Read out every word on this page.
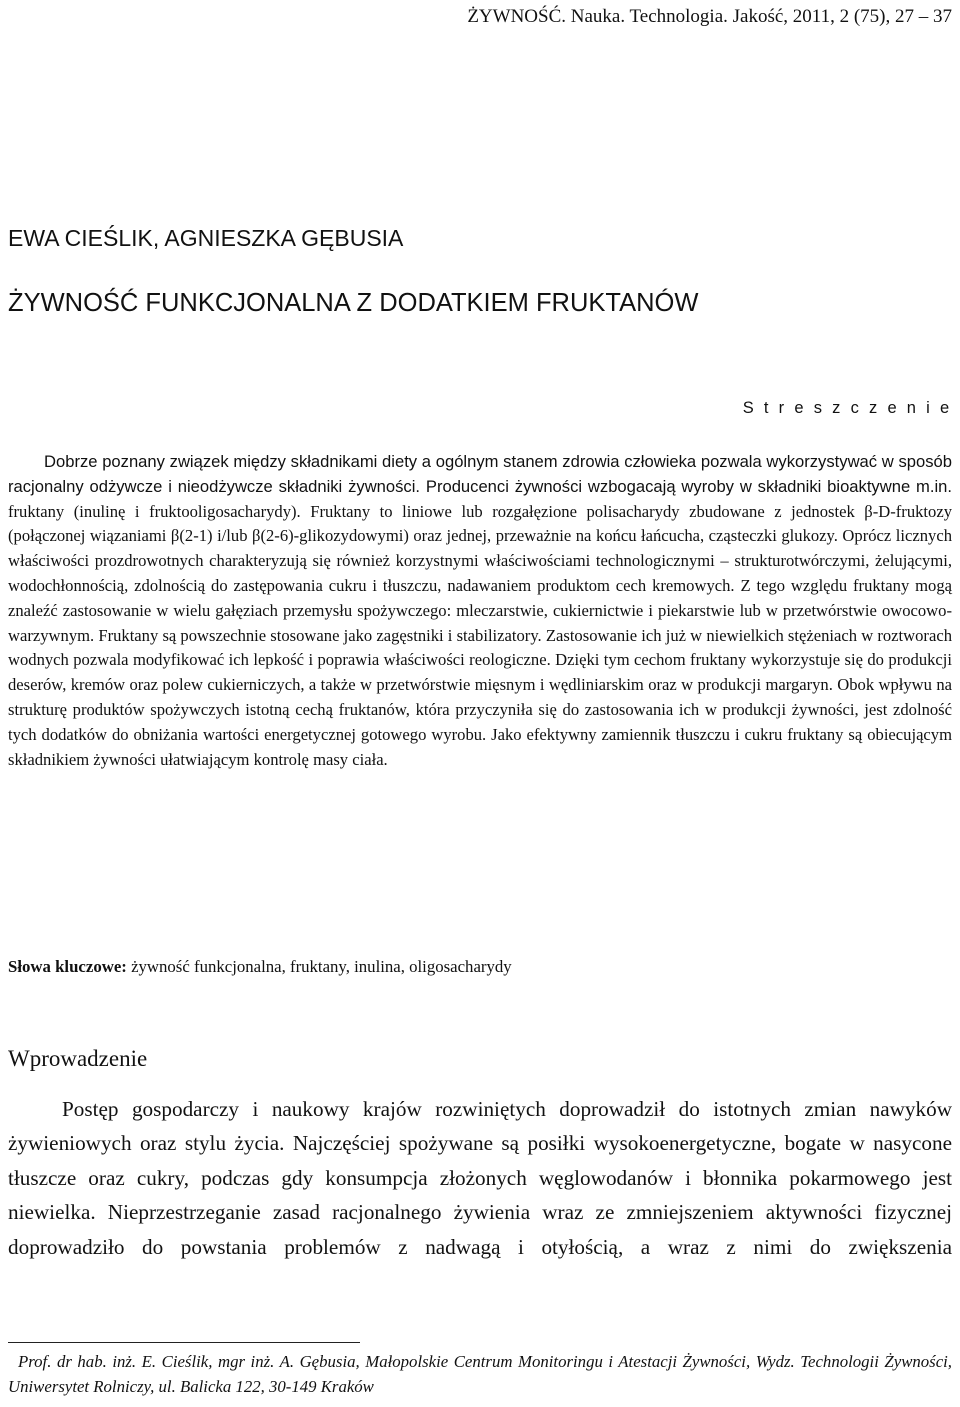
ŻYWNOŚĆ. Nauka. Technologia. Jakość, 2011, 2 (75), 27 – 37
EWA CIEŚLIK, AGNIESZKA GĘBUSIA
ŻYWNOŚĆ FUNKCJONALNA Z DODATKIEM FRUKTANÓW
S t r e s z c z e n i e

Dobrze poznany związek między składnikami diety a ogólnym stanem zdrowia człowieka pozwala wykorzystywać w sposób racjonalny odżywcze i nieodżywcze składniki żywności. Producenci żywności wzbogacają wyroby w składniki bioaktywne m.in. fruktany (inulinę i fruktooligosacharydy). Fruktany to liniowe lub rozgałęzione polisacharydy zbudowane z jednostek β-D-fruktozy (połączonej wiązaniami β(2-1) i/lub β(2-6)-glikozydowymi) oraz jednej, przeważnie na końcu łańcucha, cząsteczki glukozy. Oprócz licznych właściwości prozdrowotnych charakteryzują się również korzystnymi właściwościami technologicznymi – strukturotwórczymi, żelującymi, wodochłonnością, zdolnością do zastępowania cukru i tłuszczu, nadawaniem produktom cech kremowych. Z tego względu fruktany mogą znaleźć zastosowanie w wielu gałęziach przemysłu spożywczego: mleczarstwie, cukiernictwie i piekarstwie lub w przetwórstwie owocowo-warzywnym. Fruktany są powszechnie stosowane jako zagęstniki i stabilizatory. Zastosowanie ich już w niewielkich stężeniach w roztworach wodnych pozwala modyfikować ich lepkość i poprawia właściwości reologiczne. Dzięki tym cechom fruktany wykorzystuje się do produkcji deserów, kremów oraz polew cukierniczych, a także w przetwórstwie mięsnym i wędliniarskim oraz w produkcji margaryn. Obok wpływu na strukturę produktów spożywczych istotną cechą fruktanów, która przyczyniła się do zastosowania ich w produkcji żywności, jest zdolność tych dodatków do obniżania wartości energetycznej gotowego wyrobu. Jako efektywny zamiennik tłuszczu i cukru fruktany są obiecującym składnikiem żywności ułatwiającym kontrolę masy ciała.

Słowa kluczowe: żywność funkcjonalna, fruktany, inulina, oligosacharydy

Wprowadzenie

Postęp gospodarczy i naukowy krajów rozwiniętych doprowadził do istotnych zmian nawyków żywieniowych oraz stylu życia. Najczęściej spożywane są posiłki wysokoenergetyczne, bogate w nasycone tłuszcze oraz cukry, podczas gdy konsumpcja złożonych węglowodanów i błonnika pokarmowego jest niewielka. Nieprzestrzeganie zasad racjonalnego żywienia wraz ze zmniejszeniem aktywności fizycznej doprowadziło do powstania problemów z nadwagą i otyłością, a wraz z nimi do zwiększenia

Prof. dr hab. inż. E. Cieślik, mgr inż. A. Gębusia, Małopolskie Centrum Monitoringu i Atestacji Żywności, Wydz. Technologii Żywności, Uniwersytet Rolniczy, ul. Balicka 122, 30-149 Kraków
